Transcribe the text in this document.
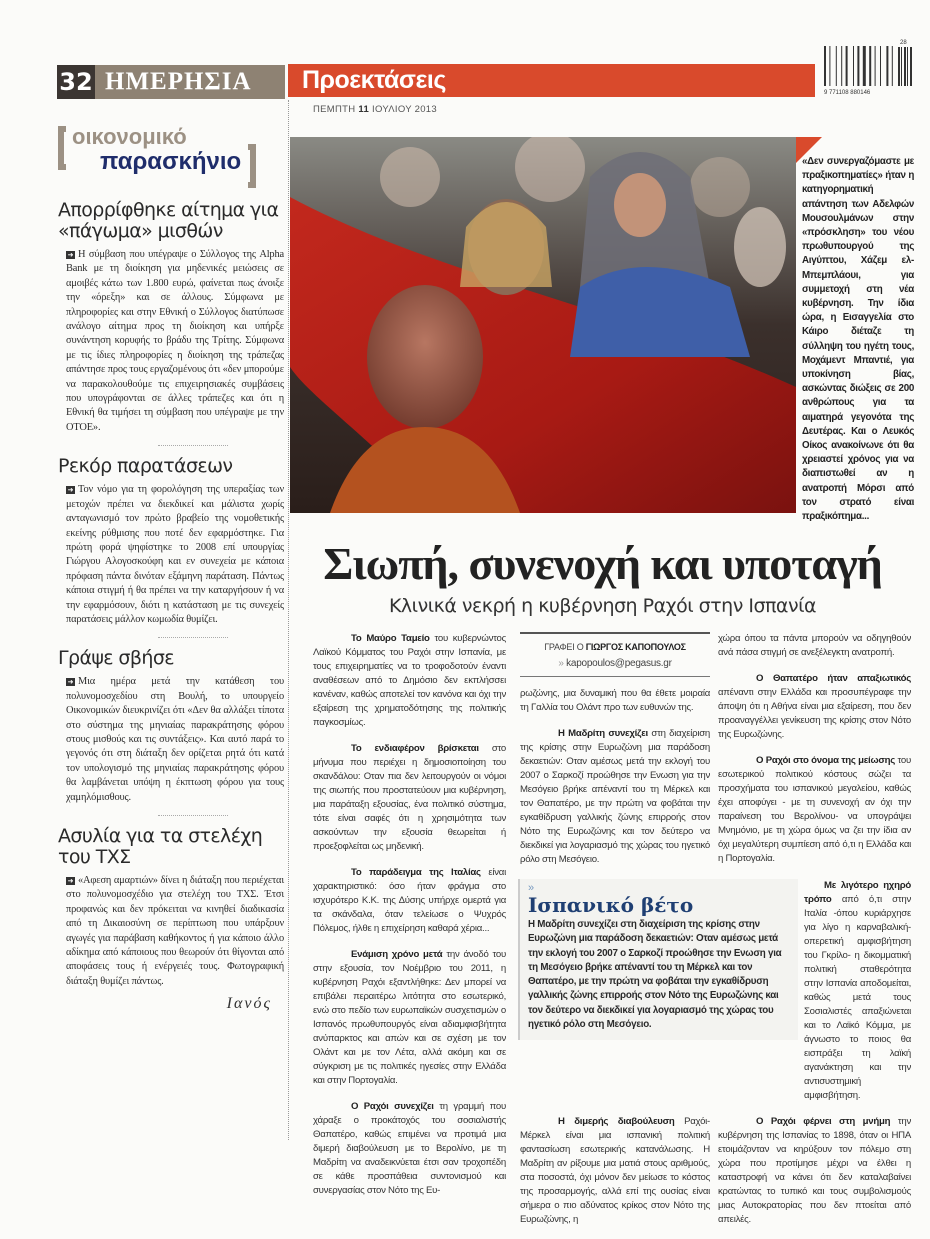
32 ΗΜΕΡΗΣΙΑ	Προεκτάσεις	9 771108 880146
28
ΠΕΜΠΤΗ 11 ΙΟΥΛΙΟΥ 2013
οικονομικό
παρασκήνιο
Απορρίφθηκε αίτημα για «πάγωμα» μισθών

➜ Η σύμβαση που υπέγραψε ο Σύλλογος της Alpha Bank με τη διοίκηση για μηδενικές μειώσεις σε αμοιβές κάτω των 1.800 ευρώ, φαίνεται πως άνοιξε την «όρεξη» και σε άλλους. Σύμφωνα με πληροφορίες και στην Εθνική ο Σύλλογος διατύπωσε ανάλογο αίτημα προς τη διοίκηση και υπήρξε συνάντηση κορυφής το βράδυ της Τρίτης. Σύμφωνα με τις ίδιες πληροφορίες η διοίκηση της τράπεζας απάντησε προς τους εργαζομένους ότι «δεν μπορούμε να παρακολουθούμε τις επιχειρησιακές συμβάσεις που υπογράφονται σε άλλες τράπεζες και ότι η Εθνική θα τιμήσει τη σύμβαση που υπέγραψε με την ΟΤΟΕ».

Ρεκόρ παρατάσεων

➜ Τον νόμο για τη φορολόγηση της υπεραξίας των μετοχών πρέπει να διεκδικεί και μάλιστα χωρίς ανταγωνισμό τον πρώτο βραβείο της νομοθετικής εκείνης ρύθμισης που ποτέ δεν εφαρμόστηκε. Για πρώτη φορά ψηφίστηκε το 2008 επί υπουργίας Γιώργου Αλογοσκούφη και εν συνεχεία με κάποια πρόφαση πάντα δινόταν εξάμηνη παράταση. Πάντως κάποια στιγμή ή θα πρέπει να την καταργήσουν ή να την εφαρμόσουν, διότι η κατάσταση με τις συνεχείς παρατάσεις μάλλον κωμωδία θυμίζει.

Γράψε σβήσε

➜ Μια ημέρα μετά την κατάθεση του πολυνομοσχεδίου στη Βουλή, το υπουργείο Οικονομικών διευκρινίζει ότι «Δεν θα αλλάξει τίποτα στο σύστημα της μηνιαίας παρακράτησης φόρου στους μισθούς και τις συντάξεις». Και αυτό παρά το γεγονός ότι στη διάταξη δεν ορίζεται ρητά ότι κατά τον υπολογισμό της μηνιαίας παρακράτησης φόρου θα λαμβάνεται υπόψη η έκπτωση φόρου για τους χαμηλόμισθους.

Ασυλία για τα στελέχη του ΤΧΣ

➜ «Αφεση αμαρτιών» δίνει η διάταξη που περιέχεται στο πολυνομοσχέδιο για στελέχη του ΤΧΣ. Έτσι προφανώς και δεν πρόκειται να κινηθεί διαδικασία από τη Δικαιοσύνη σε περίπτωση που υπάρξουν αγωγές για παράβαση καθήκοντος ή για κάποιο άλλο αδίκημα από κάποιους που θεωρούν ότι θίγονται από αποφάσεις τους ή ενέργειές τους. Φωτογραφική διάταξη θυμίζει πάντως.

Ιανός
«Δεν συνεργαζόμαστε με πραξικοπηματίες» ήταν η κατηγορηματική απάντηση των Αδελφών Μουσουλμάνων στην «πρόσκληση» του νέου πρωθυπουργού της Αιγύπτου, Χάζεμ ελ-Μπεμπλάουι, για συμμετοχή στη νέα κυβέρνηση. Την ίδια ώρα, η Εισαγγελία στο Κάιρο διέταζε τη σύλληψη του ηγέτη τους, Μοχάμεντ Μπαντιέ, για υποκίνηση βίας, ασκώντας διώξεις σε 200 ανθρώπους για τα αιματηρά γεγονότα της Δευτέρας. Και ο Λευκός Οίκος ανακοίνωνε ότι θα χρειαστεί χρόνος για να διαπιστωθεί αν η ανατροπή Μόρσι από τον στρατό είναι πραξικόπημα...
Σιωπή, συνενοχή και υποταγή
Κλινικά νεκρή η κυβέρνηση Ραχόι στην Ισπανία

Το Μαύρο Ταμείο του κυβερνώντος Λαϊκού Κόμματος του Ραχόι στην Ισπανία, με τους επιχειρηματίες να το τροφοδοτούν έναντι αναθέσεων από το Δημόσιο δεν εκπλήσσει κανέναν, καθώς αποτελεί τον κανόνα και όχι την εξαίρεση της χρηματοδότησης της πολιτικής παγκοσμίως.

Το ενδιαφέρον βρίσκεται στο μήνυμα που περιέχει η δημοσιοποίηση του σκανδάλου: Οταν πια δεν λειτουργούν οι νόμοι της σιωπής που προστατεύουν μια κυβέρνηση, μια παράταξη εξουσίας, ένα πολιτικό σύστημα, τότε είναι σαφές ότι η χρησιμότητα των ασκούντων την εξουσία θεωρείται ή προεξοφλείται ως μηδενική.

Το παράδειγμα της Ιταλίας είναι χαρακτηριστικό: όσο ήταν φράγμα στο ισχυρότερο Κ.Κ. της Δύσης υπήρχε ομερτά για τα σκάνδαλα, όταν τελείωσε ο Ψυχρός Πόλεμος, ήλθε η επιχείρηση καθαρά χέρια...

Ενάμιση χρόνο μετά την άνοδό του στην εξουσία, τον Νοέμβριο του 2011, η κυβέρνηση Ραχόι εξαντλήθηκε: Δεν μπορεί να επιβάλει περαιτέρω λιτότητα στο εσωτερικό, ενώ στο πεδίο των ευρωπαϊκών συσχετισμών ο Ισπανός πρωθυπουργός είναι αδιαμφισβήτητα ανύπαρκτος και απών και σε σχέση με τον Ολάντ και με τον Λέτα, αλλά ακόμη και σε σύγκριση με τις πολιτικές ηγεσίες στην Ελλάδα και στην Πορτογαλία.

Ο Ραχόι συνεχίζει τη γραμμή που χάραξε ο προκάτοχός του σοσιαλιστής Θαπατέρο, καθώς επιμένει να προτιμά μια διμερή διαβούλευση με το Βερολίνο, με τη Μαδρίτη να αναδεικνύεται έτσι σαν τροχοπέδη σε κάθε προσπάθεια συντονισμού και συνεργασίας στον Νότο της Ευ-

ΓΡΑΦΕΙ Ο ΓΙΩΡΓΟΣ ΚΑΠΟΠΟΥΛΟΣ
» kapopoulos@pegasus.gr

ρωζώνης, μια δυναμική που θα έθετε μοιραία τη Γαλλία του Ολάντ προ των ευθυνών της.

Η Μαδρίτη συνεχίζει στη διαχείριση της κρίσης στην Ευρωζώνη μια παράδοση δεκαετιών: Οταν αμέσως μετά την εκλογή του 2007 ο Σαρκοζί προώθησε την Ενωση για την Μεσόγειο βρήκε απέναντί του τη Μέρκελ και τον Θαπατέρο, με την πρώτη να φοβάται την εγκαθίδρυση γαλλικής ζώνης επιρροής στον Νότο της Ευρωζώνης και τον δεύτερο να διεκδικεί για λογαριασμό της χώρας του ηγετικό ρόλο στη Μεσόγειο.

χώρα όπου τα πάντα μπορούν να οδηγηθούν ανά πάσα στιγμή σε ανεξέλεγκτη ανατροπή.

Ο Θαπατέρο ήταν απαξιωτικός απέναντι στην Ελλάδα και προσυπέγραφε την άποψη ότι η Αθήνα είναι μια εξαίρεση, που δεν προαναγγέλλει γενίκευση της κρίσης στον Νότο της Ευρωζώνης.

Ο Ραχόι στο όνομα της μείωσης του εσωτερικού πολιτικού κόστους σώζει τα προσχήματα του ισπανικού μεγαλείου, καθώς έχει αποφύγει - με τη συνενοχή αν όχι την παραίνεση του Βερολίνου- να υπογράψει Μνημόνιο, με τη χώρα όμως να ζει την ίδια αν όχι μεγαλύτερη συμπίεση από ό,τι η Ελλάδα και η Πορτογαλία.

»
Ισπανικό βέτο

Η Μαδρίτη συνεχίζει στη διαχείριση της κρίσης στην Ευρωζώνη μια παράδοση δεκαετιών: Οταν αμέσως μετά την εκλογή του 2007 ο Σαρκοζί προώθησε την Ενωση για τη Μεσόγειο βρήκε απέναντί του τη Μέρκελ και τον Θαπατέρο, με την πρώτη να φοβάται την εγκαθίδρυση γαλλικής ζώνης επιρροής στον Νότο της Ευρωζώνης και τον δεύτερο να διεκδικεί για λογαριασμό της χώρας του ηγετικό ρόλο στη Μεσόγειο.

Με λιγότερο ηχηρό τρόπο από ό,τι στην Ιταλία -όπου κυριάρχησε για λίγο η καρναβαλική-οπερετική αμφισβήτηση του Γκρίλο- η δικομματική πολιτική σταθερότητα στην Ισπανία αποδομείται, καθώς μετά τους Σοσιαλιστές απαξιώνεται και το Λαϊκό Κόμμα, με άγνωστο το ποιος θα εισπράξει τη λαϊκή αγανάκτηση και την αντισυστημική αμφισβήτηση.

Η διμερής διαβούλευση Ραχόι-Μέρκελ είναι μια ισπανική πολιτική φαντασίωση εσωτερικής κατανάλωσης. Η Μαδρίτη αν ρίξουμε μια ματιά στους αριθμούς, στα ποσοστά, όχι μόνον δεν μείωσε το κόστος της προσαρμογής, αλλά επί της ουσίας είναι σήμερα ο πιο αδύνατος κρίκος στον Νότο της Ευρωζώνης, η

Ο Ραχόι φέρνει στη μνήμη την κυβέρνηση της Ισπανίας το 1898, όταν οι ΗΠΑ ετοιμάζονταν να κηρύξουν τον πόλεμο στη χώρα που προτίμησε μέχρι να έλθει η καταστροφή να κάνει ότι δεν καταλαβαίνει κρατώντας το τυπικό και τους συμβολισμούς μιας Αυτοκρατορίας που δεν πτοείται από απειλές.
